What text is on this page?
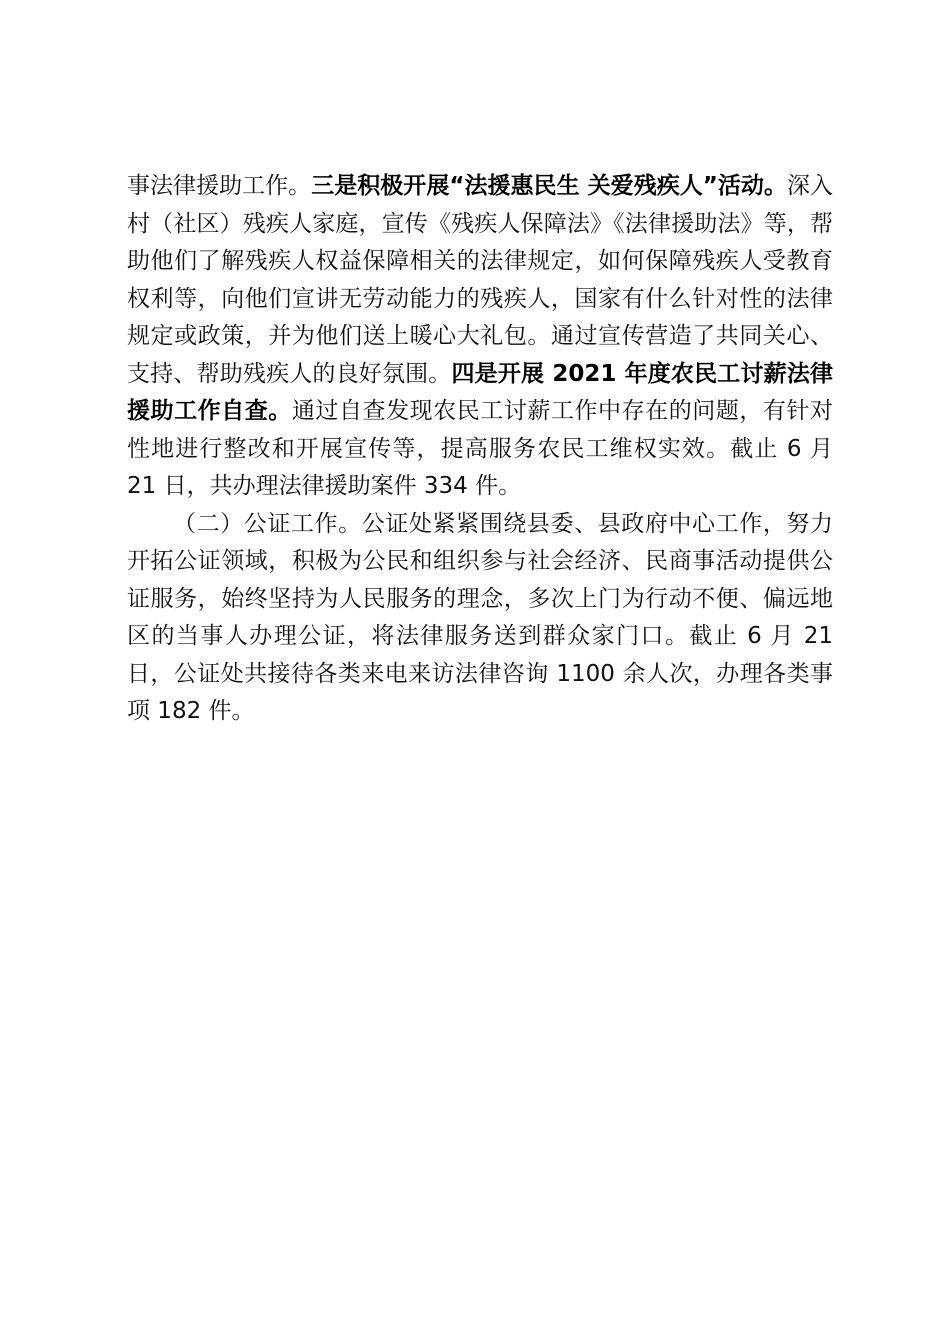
事法律援助工作。三是积极开展“法援惠民生 关爱残疾人”活动。深入村（社区）残疾人家庭，宣传《残疾人保障法》《法律援助法》等，帮助他们了解残疾人权益保障相关的法律规定，如何保障残疾人受教育权利等，向他们宣讲无劳动能力的残疾人，国家有什么针对性的法律规定或政策，并为他们送上暖心大礼包。通过宣传营造了共同关心、支持、帮助残疾人的良好氛围。四是开展 2021 年度农民工讨薪法律援助工作自查。通过自查发现农民工讨薪工作中存在的问题，有针对性地进行整改和开展宣传等，提高服务农民工维权实效。截止 6 月 21 日，共办理法律援助案件 334 件。

（二）公证工作。公证处紧紧围绕县委、县政府中心工作，努力开拓公证领域，积极为公民和组织参与社会经济、民商事活动提供公证服务，始终坚持为人民服务的理念，多次上门为行动不便、偏远地区的当事人办理公证，将法律服务送到群众家门口。截止 6 月 21 日，公证处共接待各类来电来访法律咨询 1100 余人次，办理各类事项 182 件。
